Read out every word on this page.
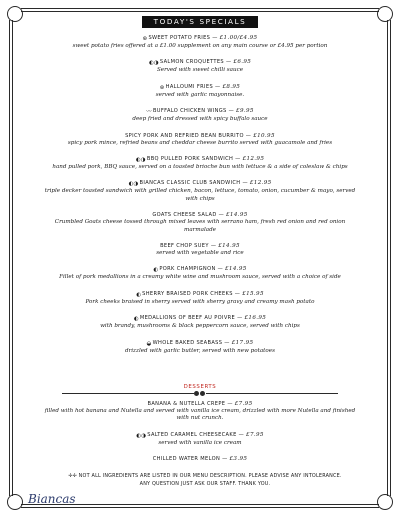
TODAY'S SPECIALS
⊛SWEET POTATO FRIES — £1.00/£4.95
sweet potato fries offered at a £1.00 supplement on any main course or £4.95 per portion
◐◑SALMON CROQUETTES — £6.95
Served with sweet chilli sauce
⊛HALLOUMI FRIES — £8.95
served with garlic mayonnaise.
〰BUFFALO CHICKEN WINGS — £9.95
deep fried and dressed with spicy buffalo sauce
SPICY PORK AND REFRIED BEAN BURRITO — £10.95
spicy pork mince, refried beans and cheddar cheese burrito served with guacamole and fries
◐◑BBQ PULLED PORK SANDWICH — £12.95
hand pulled pork, BBQ sauce, served on a toasted brioche bun with lettuce & a side of coleslaw & chips
◐◑BIANCAS CLASSIC CLUB SANDWICH — £12.95
triple decker toasted sandwich with grilled chicken, bacon, lettuce, tomato, onion, cucumber & mayo, served with chips
GOATS CHEESE SALAD — £14.95
Crumbled Goats cheese tossed through mixed leaves with serrano ham, fresh red onion and red onion marmalade
BEEF CHOP SUEY — £14.95
served with vegetable and rice
◐PORK CHAMPIGNON — £14.95
Fillet of pork medallions in a creamy white wine and mushroom sauce, served with a choice of side
◐SHERRY BRAISED PORK CHEEKS — £15.95
Pork cheeks braised in sherry served with sherry gravy and creamy mash potato
◐MEDALLIONS OF BEEF AU POIVRE — £16.95
with brandy, mushrooms & black peppercorn sauce, served with chips
◒WHOLE BAKED SEABASS — £17.95
drizzled with garlic butter, served with new potatoes
DESSERTS
BANANA & NUTELLA CREPE — £7.95
filled with hot banana and Nutella and served with vanilla ice cream, drizzled with more Nutella and finished with nut crunch.
◐◑SALTED CARAMEL CHEESECAKE — £7.95
served with vanilla ice cream
CHILLED WATER MELON — £3.95
✢✢ NOT ALL INGREDIENTS ARE LISTED IN OUR MENU DESCRIPTION. PLEASE ADVISE ANY INTOLERANCE.
ANY QUESTION JUST ASK OUR STAFF. THANK YOU.
Biancas
